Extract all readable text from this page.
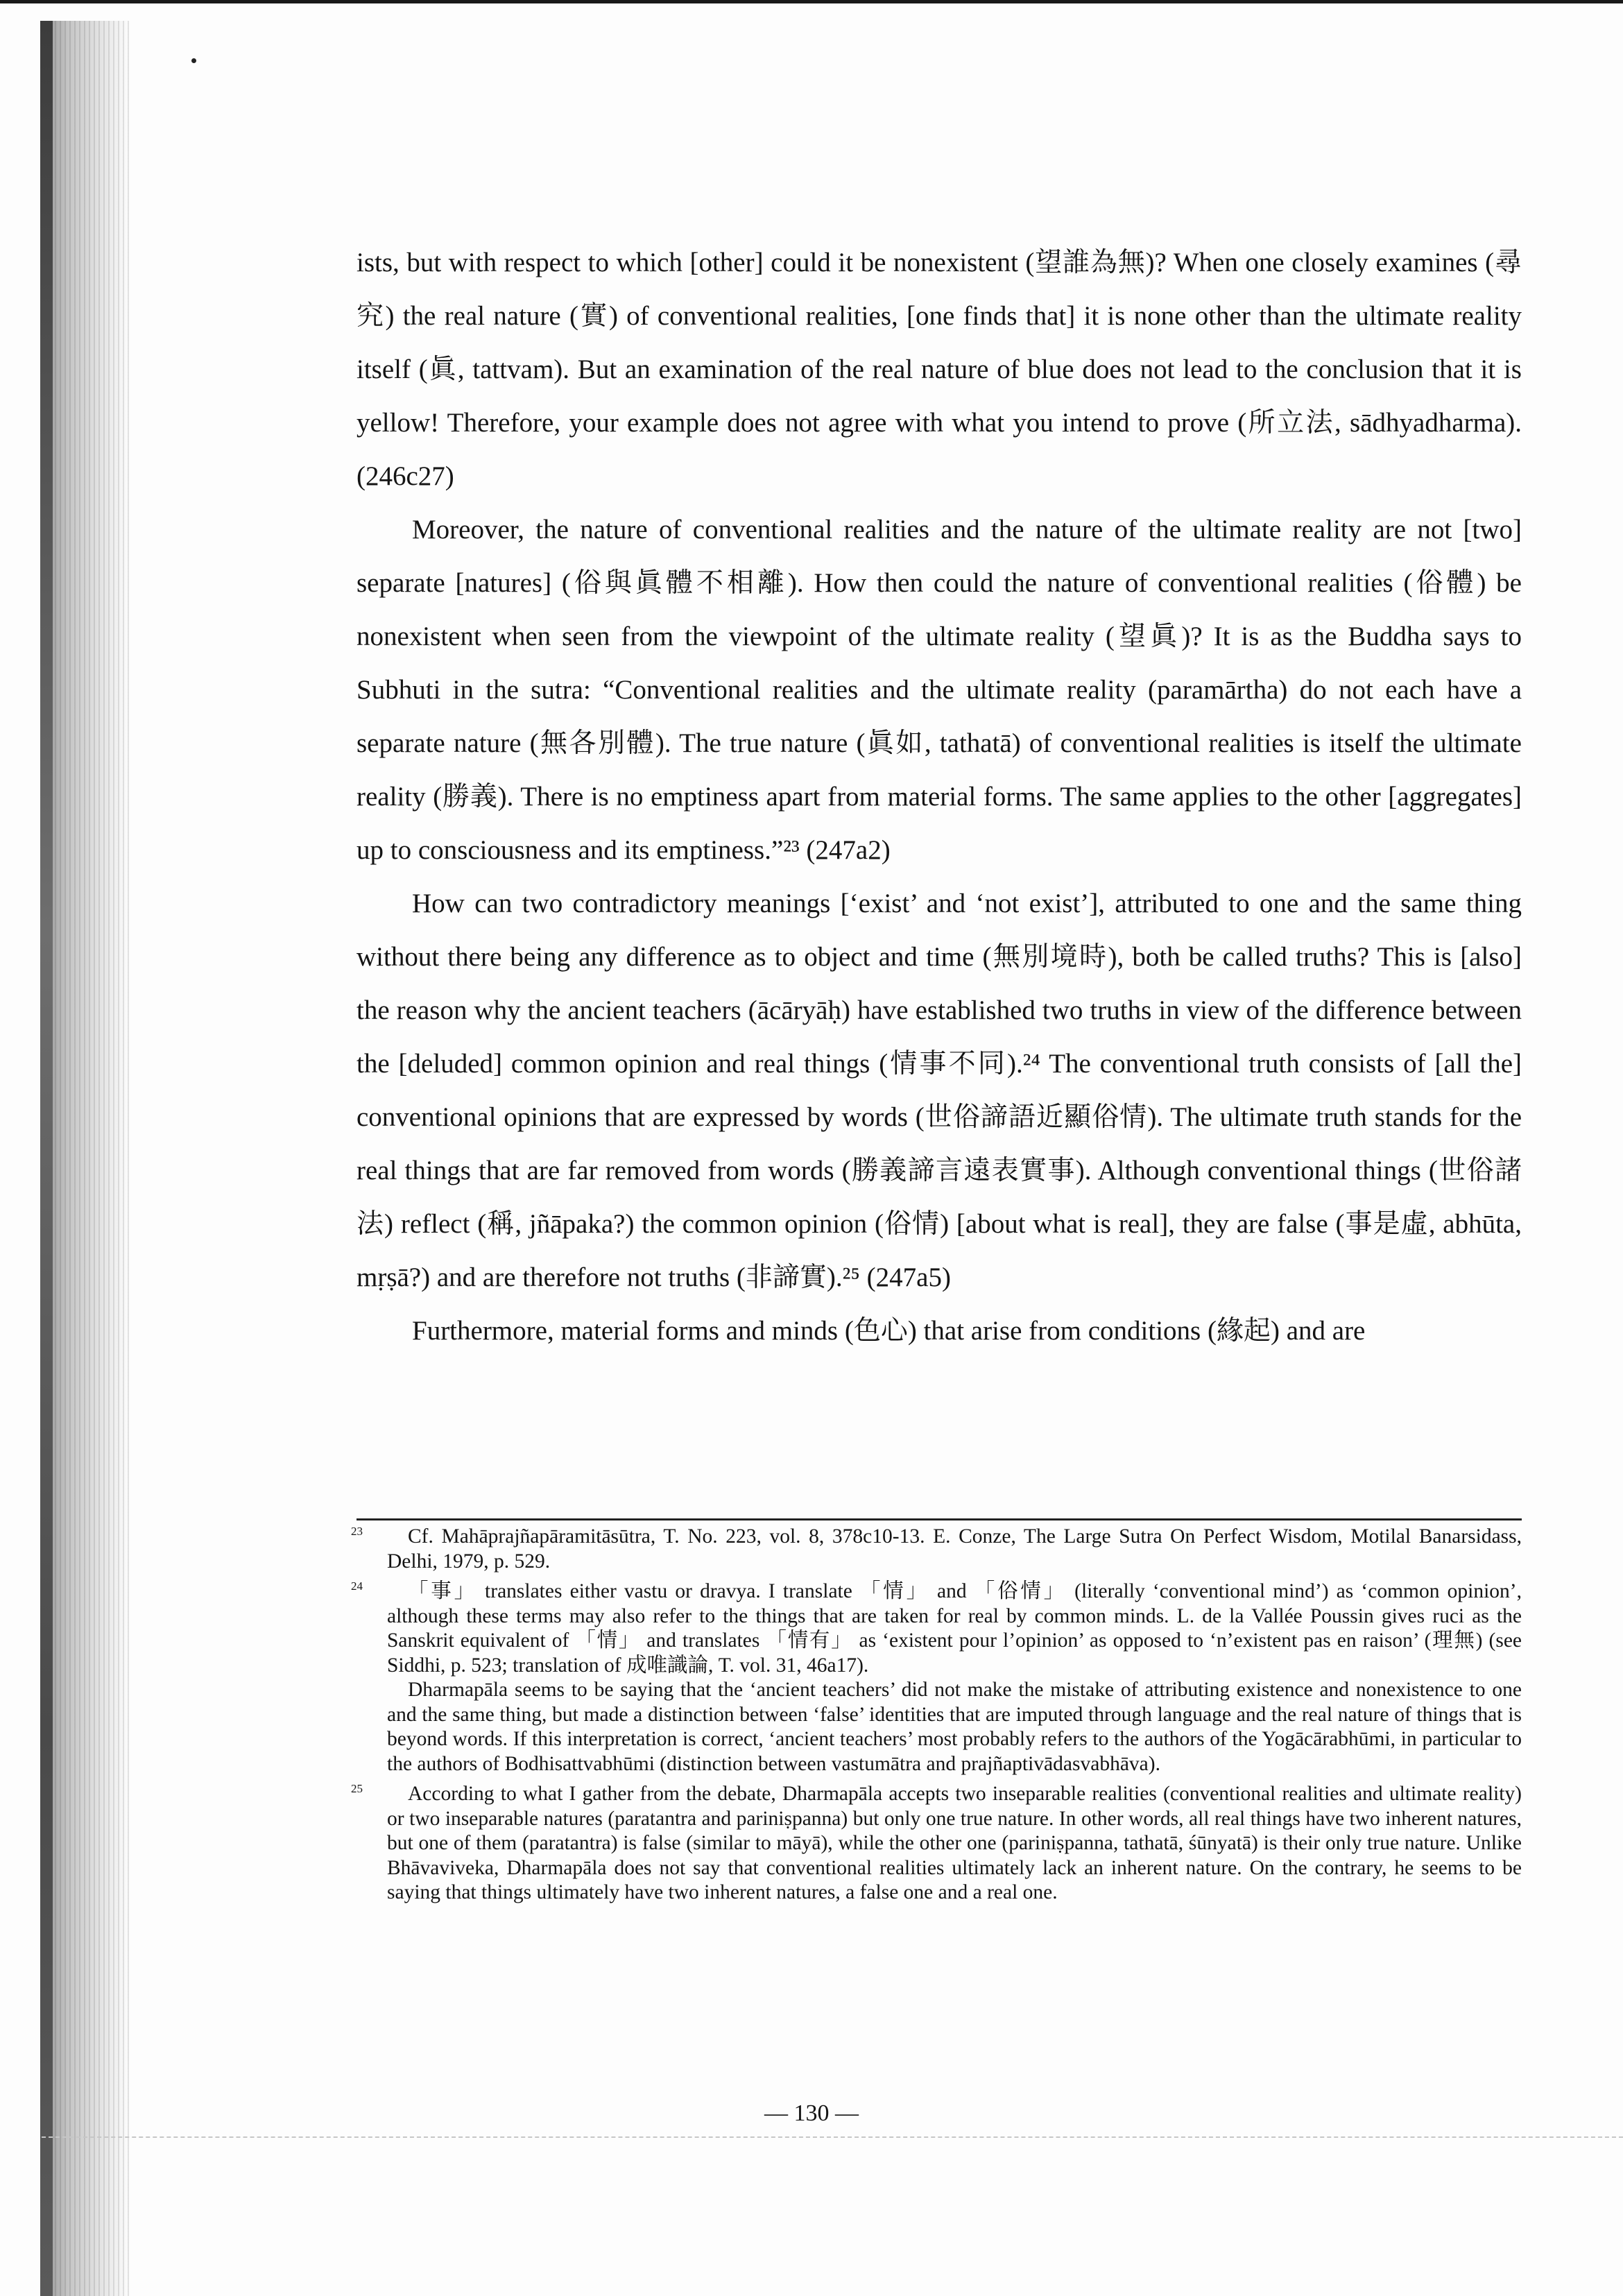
ists, but with respect to which [other] could it be nonexistent (望誰為無)? When one closely examines (尋究) the real nature (實) of conventional realities, [one finds that] it is none other than the ultimate reality itself (眞, tattvam). But an examination of the real nature of blue does not lead to the conclusion that it is yellow! Therefore, your example does not agree with what you intend to prove (所立法, sādhyadharma). (246c27)

Moreover, the nature of conventional realities and the nature of the ultimate reality are not [two] separate [natures] (俗與眞體不相離). How then could the nature of conventional realities (俗體) be nonexistent when seen from the viewpoint of the ultimate reality (望眞)? It is as the Buddha says to Subhuti in the sutra: “Conventional realities and the ultimate reality (paramārtha) do not each have a separate nature (無各別體). The true nature (眞如, tathatā) of conventional realities is itself the ultimate reality (勝義). There is no emptiness apart from material forms. The same applies to the other [aggregates] up to consciousness and its emptiness.”²³ (247a2)

How can two contradictory meanings [‘exist’ and ‘not exist’], attributed to one and the same thing without there being any difference as to object and time (無別境時), both be called truths? This is [also] the reason why the ancient teachers (ācāryāḥ) have established two truths in view of the difference between the [deluded] common opinion and real things (情事不同).²⁴ The conventional truth consists of [all the] conventional opinions that are expressed by words (世俗諦語近顯俗情). The ultimate truth stands for the real things that are far removed from words (勝義諦言遠表實事). Although conventional things (世俗諸法) reflect (稱, jñāpaka?) the common opinion (俗情) [about what is real], they are false (事是虛, abhūta, mṛṣā?) and are therefore not truths (非諦實).²⁵ (247a5)

Furthermore, material forms and minds (色心) that arise from conditions (緣起) and are

23	Cf. Mahāprajñapāramitāsūtra, T. No. 223, vol. 8, 378c10-13. E. Conze, The Large Sutra On Perfect Wisdom, Motilal Banarsidass, Delhi, 1979, p. 529.

24	「事」 translates either vastu or dravya. I translate 「情」 and 「俗情」 (literally ‘conventional mind’) as ‘common opinion’, although these terms may also refer to the things that are taken for real by common minds. L. de la Vallée Poussin gives ruci as the Sanskrit equivalent of 「情」 and translates 「情有」 as ‘existent pour l’opinion’ as opposed to ‘n’existent pas en raison’ (理無) (see Siddhi, p. 523; translation of 成唯識論, T. vol. 31, 46a17).

Dharmapāla seems to be saying that the ‘ancient teachers’ did not make the mistake of attributing existence and nonexistence to one and the same thing, but made a distinction between ‘false’ identities that are imputed through language and the real nature of things that is beyond words. If this interpretation is correct, ‘ancient teachers’ most probably refers to the authors of the Yogācārabhūmi, in particular to the authors of Bodhisattvabhūmi (distinction between vastumātra and prajñaptivādasvabhāva).

25	According to what I gather from the debate, Dharmapāla accepts two inseparable realities (conventional realities and ultimate reality) or two inseparable natures (paratantra and pariniṣpanna) but only one true nature. In other words, all real things have two inherent natures, but one of them (paratantra) is false (similar to māyā), while the other one (pariniṣpanna, tathatā, śūnyatā) is their only true nature. Unlike Bhāvaviveka, Dharmapāla does not say that conventional realities ultimately lack an inherent nature. On the contrary, he seems to be saying that things ultimately have two inherent natures, a false one and a real one.

— 130 —
